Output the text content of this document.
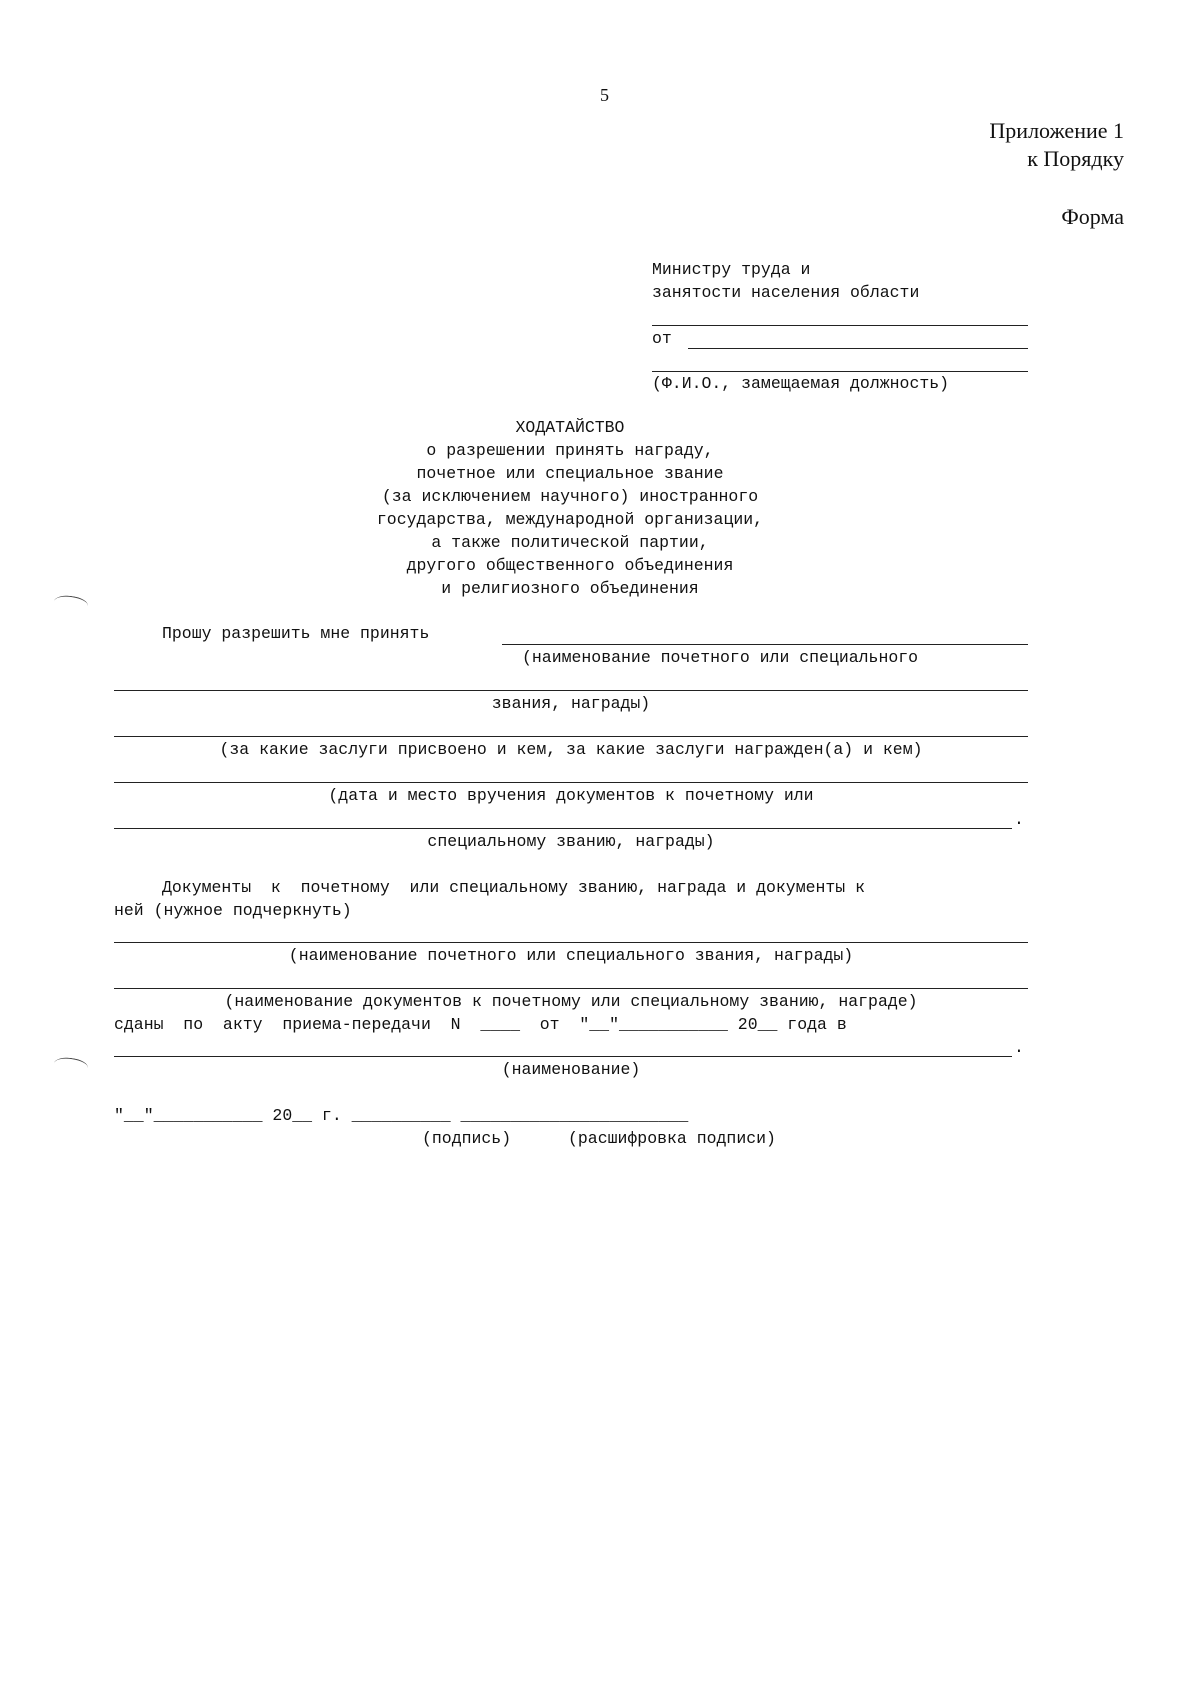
5
Приложение 1
к Порядку
Форма
Министру труда и
занятости населения области
от
(Ф.И.О., замещаемая должность)
ХОДАТАЙСТВО
о разрешении принять награду,
почетное или специальное звание
(за исключением научного) иностранного
государства, международной организации,
а также политической партии,
другого общественного объединения
и религиозного объединения
Прошу разрешить мне принять
(наименование почетного или специального
звания, награды)
(за какие заслуги присвоено и кем, за какие заслуги награжден(а) и кем)
(дата и место вручения документов к почетному или
.
специальному званию, награды)
Документы  к  почетному  или специальному званию, награда и документы к
ней (нужное подчеркнуть)
(наименование почетного или специального звания, награды)
(наименование документов к почетному или специальному званию, награде)
сданы  по  акту  приема-передачи  N  ____  от  "__"___________ 20__ года в
.
(наименование)
"__"___________ 20__ г. __________ _______________________
(подпись)	(расшифровка подписи)
